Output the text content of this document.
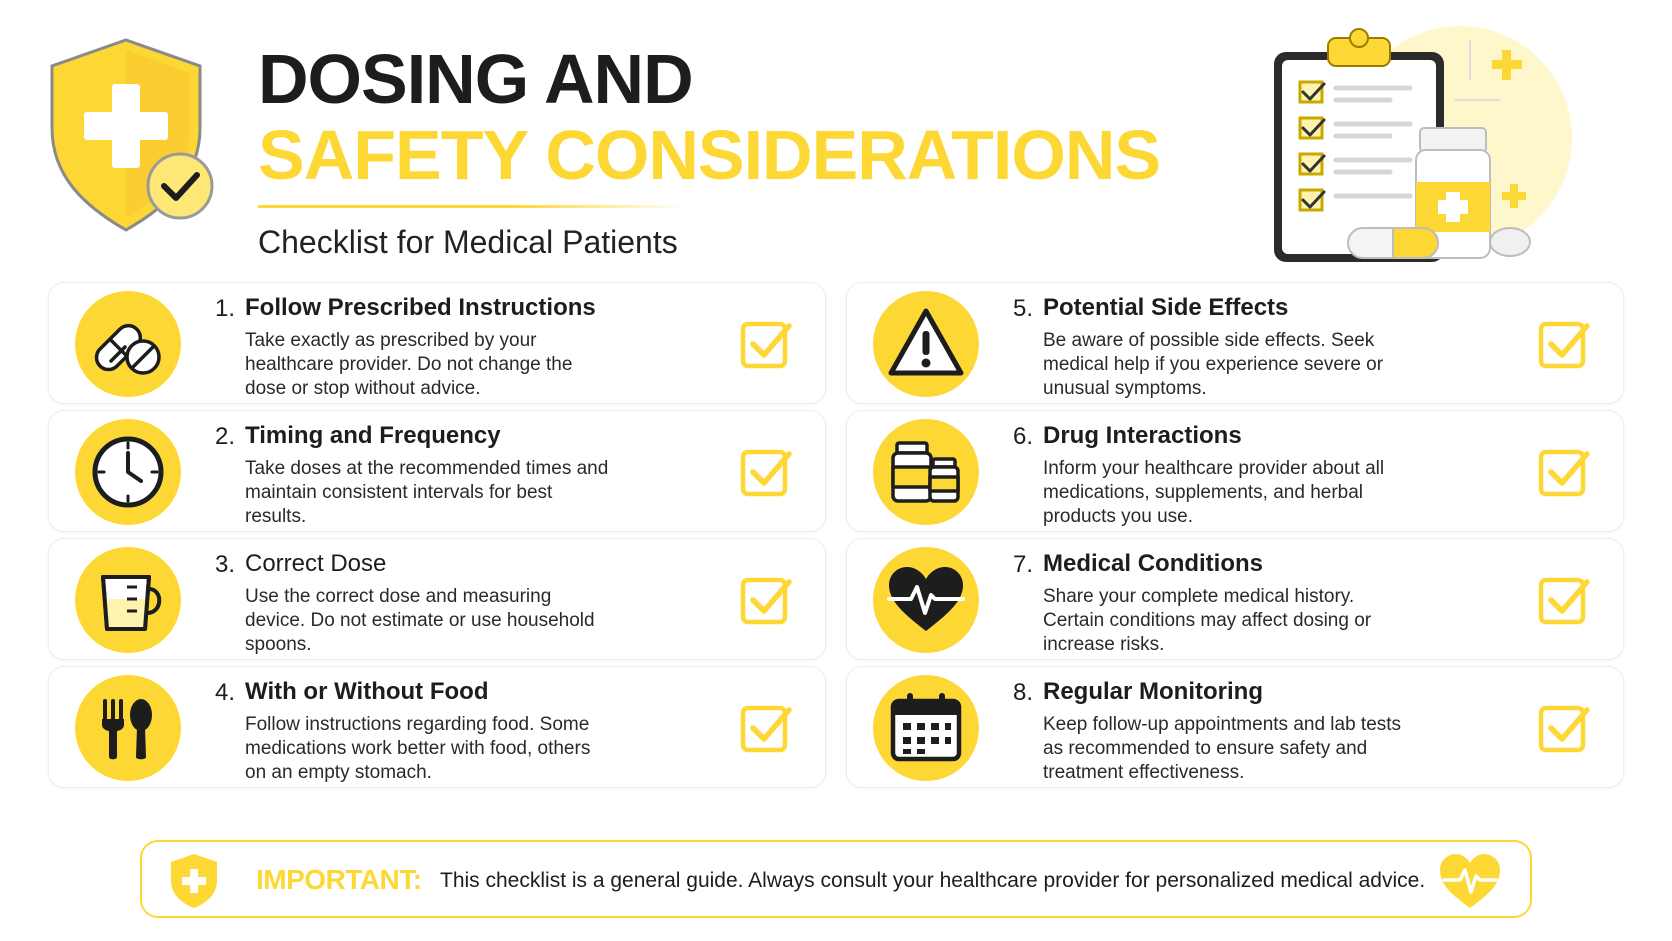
DOSING AND
SAFETY CONSIDERATIONS
Checklist for Medical Patients
1. Follow Prescribed Instructions
Take exactly as prescribed by your healthcare provider. Do not change the dose or stop without advice.
2. Timing and Frequency
Take doses at the recommended times and maintain consistent intervals for best results.
3. Correct Dose
Use the correct dose and measuring device. Do not estimate or use household spoons.
4. With or Without Food
Follow instructions regarding food. Some medications work better with food, others on an empty stomach.
5. Potential Side Effects
Be aware of possible side effects. Seek medical help if you experience severe or unusual symptoms.
6. Drug Interactions
Inform your healthcare provider about all medications, supplements, and herbal products you use.
7. Medical Conditions
Share your complete medical history. Certain conditions may affect dosing or increase risks.
8. Regular Monitoring
Keep follow-up appointments and lab tests as recommended to ensure safety and treatment effectiveness.
IMPORTANT: This checklist is a general guide. Always consult your healthcare provider for personalized medical advice.
